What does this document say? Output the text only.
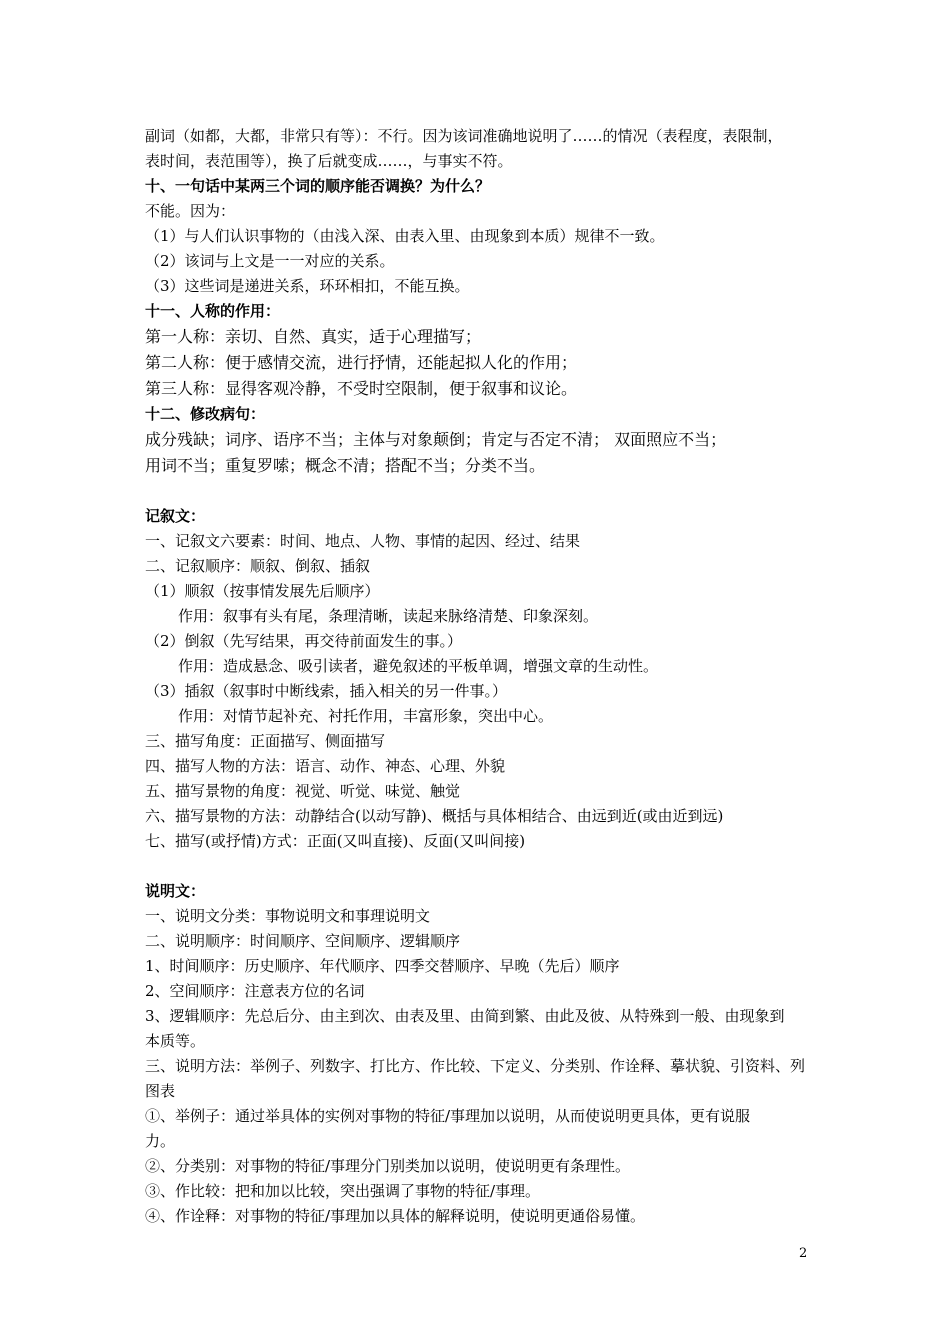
副词（如都，大都，非常只有等）：不行。因为该词准确地说明了……的情况（表程度，表限制，
表时间，表范围等），换了后就变成……，与事实不符。
十、一句话中某两三个词的顺序能否调换？为什么？
不能。因为：
（1）与人们认识事物的（由浅入深、由表入里、由现象到本质）规律不一致。
（2）该词与上文是一一对应的关系。
（3）这些词是递进关系，环环相扣，不能互换。
十一、人称的作用：
第一人称：亲切、自然、真实，适于心理描写；
第二人称：便于感情交流，进行抒情，还能起拟人化的作用；
第三人称：显得客观冷静，不受时空限制，便于叙事和议论。
十二、修改病句：
成分残缺；词序、语序不当；主体与对象颠倒；肯定与否定不清； 双面照应不当；
用词不当；重复罗嗦；概念不清；搭配不当；分类不当。
记叙文：
一、记叙文六要素：时间、地点、人物、事情的起因、经过、结果
二、记叙顺序：顺叙、倒叙、插叙
（1）顺叙（按事情发展先后顺序）
作用：叙事有头有尾，条理清晰，读起来脉络清楚、印象深刻。
（2）倒叙（先写结果，再交待前面发生的事。）
作用：造成悬念、吸引读者，避免叙述的平板单调，增强文章的生动性。
（3）插叙（叙事时中断线索，插入相关的另一件事。）
作用：对情节起补充、衬托作用，丰富形象，突出中心。
三、描写角度：正面描写、侧面描写
四、描写人物的方法：语言、动作、神态、心理、外貌
五、描写景物的角度：视觉、听觉、味觉、触觉
六、描写景物的方法：动静结合(以动写静)、概括与具体相结合、由远到近(或由近到远)
七、描写(或抒情)方式：正面(又叫直接)、反面(又叫间接)
说明文：
一、说明文分类：事物说明文和事理说明文
二、说明顺序：时间顺序、空间顺序、逻辑顺序
1、时间顺序：历史顺序、年代顺序、四季交替顺序、早晚（先后）顺序
2、空间顺序：注意表方位的名词
3、逻辑顺序：先总后分、由主到次、由表及里、由简到繁、由此及彼、从特殊到一般、由现象到
本质等。
三、说明方法：举例子、列数字、打比方、作比较、下定义、分类别、作诠释、摹状貌、引资料、列
图表
①、举例子：通过举具体的实例对事物的特征/事理加以说明，从而使说明更具体，更有说服
力。
②、分类别：对事物的特征/事理分门别类加以说明，使说明更有条理性。
③、作比较：把和加以比较，突出强调了事物的特征/事理。
④、作诠释：对事物的特征/事理加以具体的解释说明，使说明更通俗易懂。
2
